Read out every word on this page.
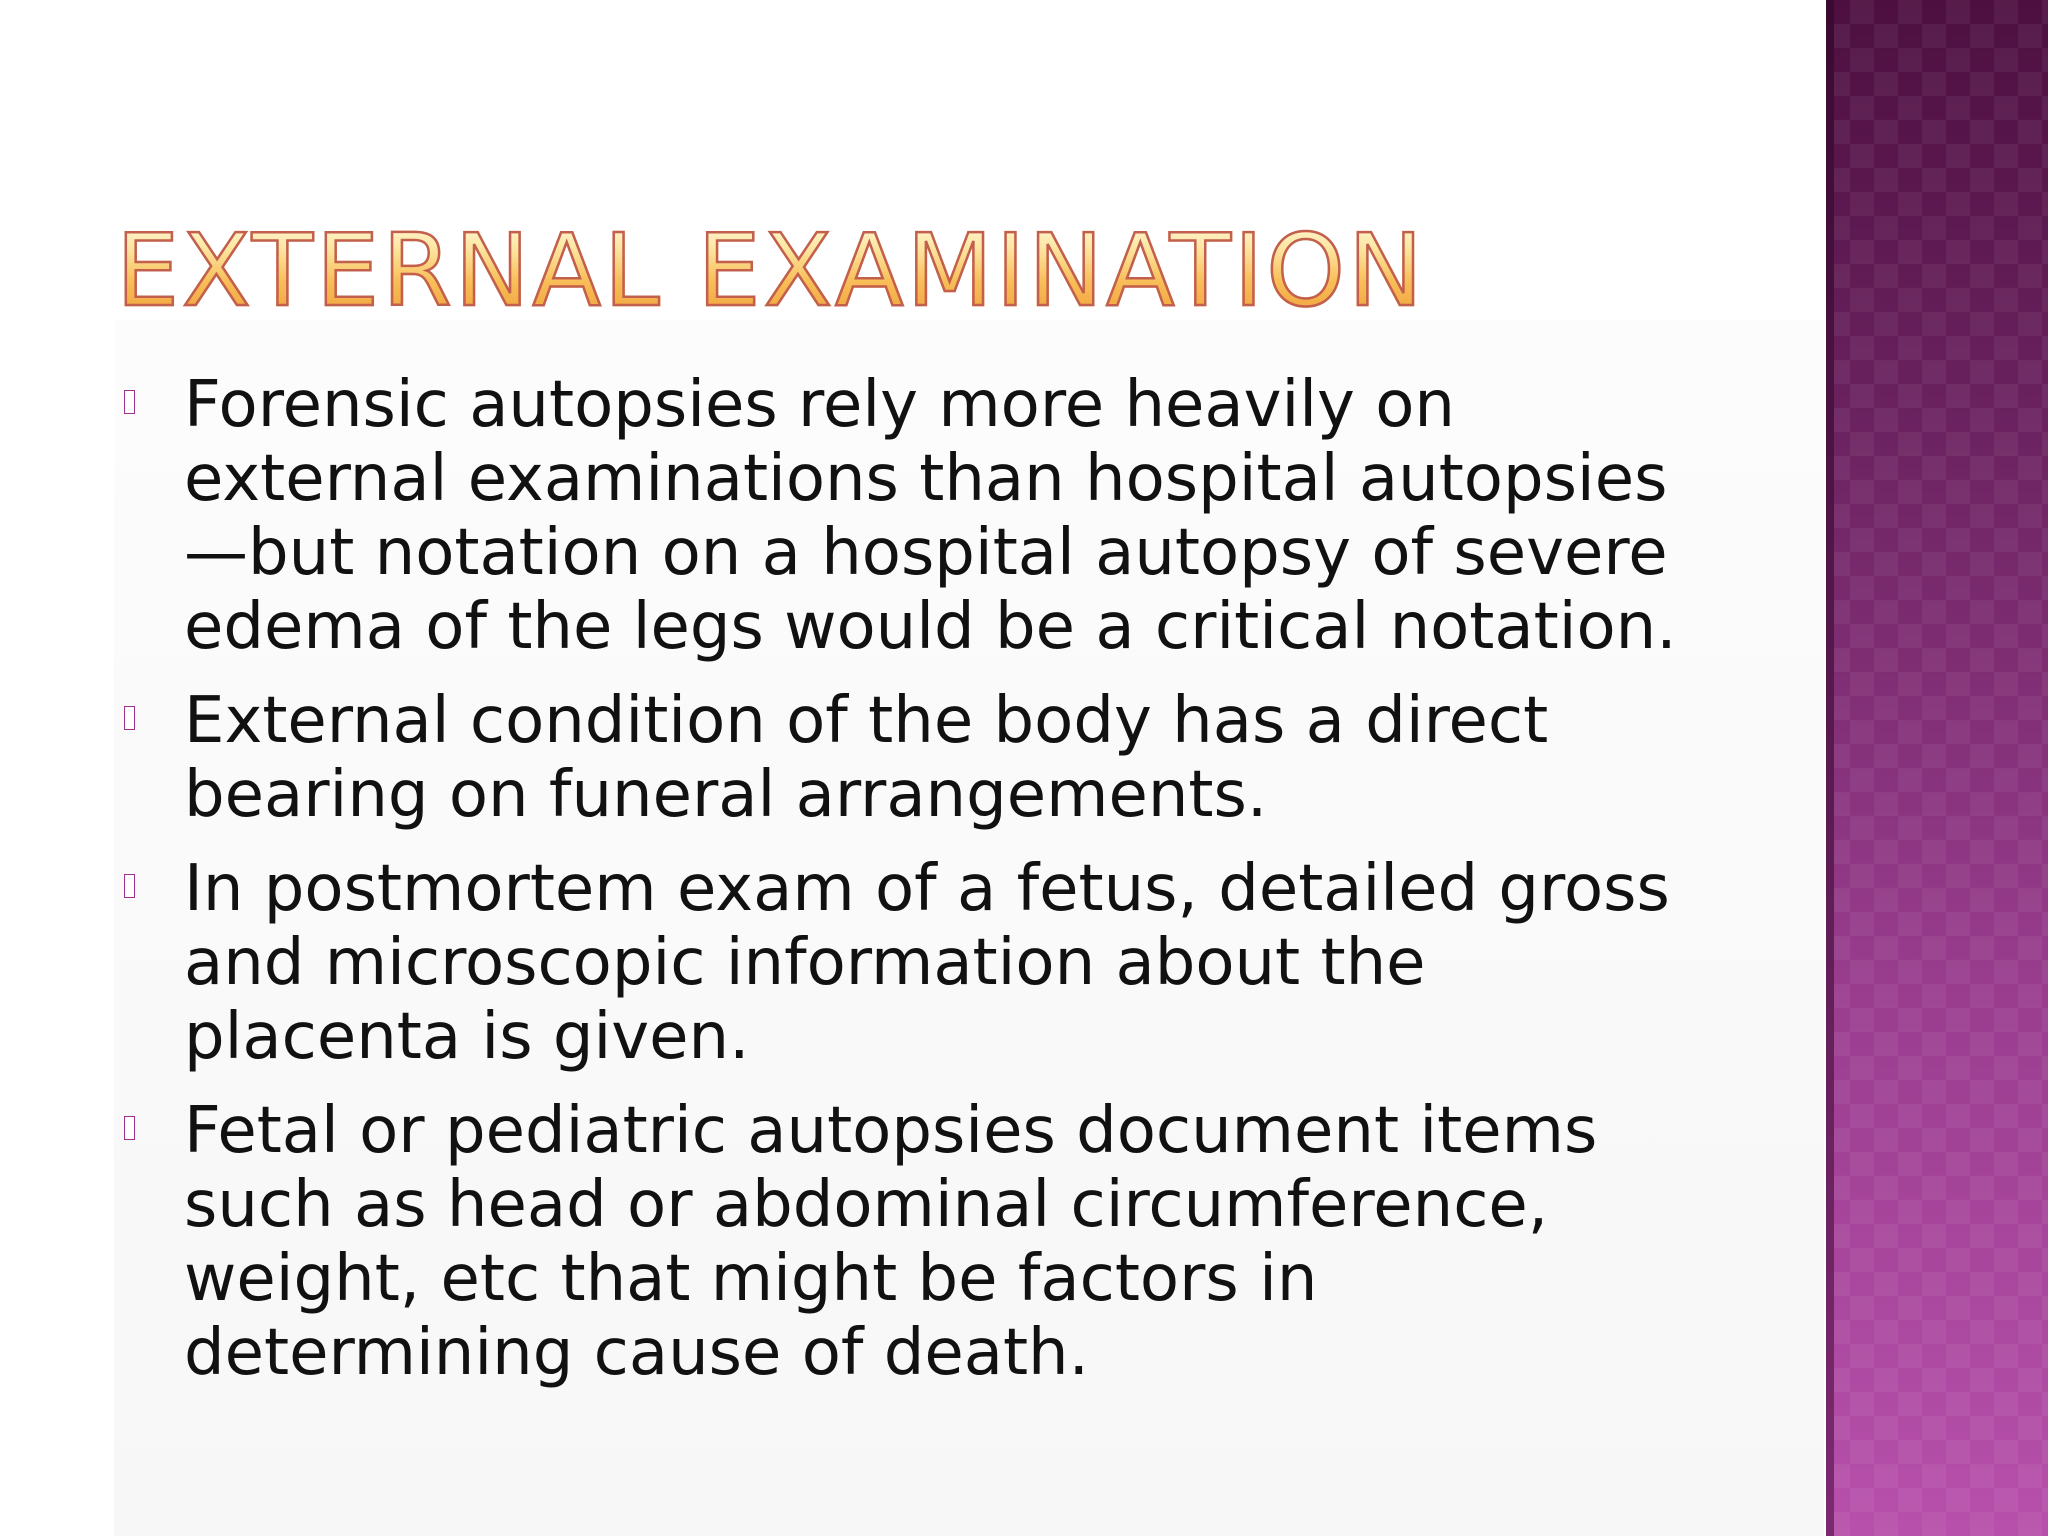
EXTERNAL EXAMINATION
Forensic autopsies rely more heavily on external examinations than hospital autopsies—but notation on a hospital autopsy of severe edema of the legs would be a critical notation.
External condition of the body has a direct bearing on funeral arrangements.
In postmortem exam of a fetus, detailed gross and microscopic information about the placenta is given.
Fetal or pediatric autopsies document items such as head or abdominal circumference, weight, etc that might be factors in determining cause of death.
